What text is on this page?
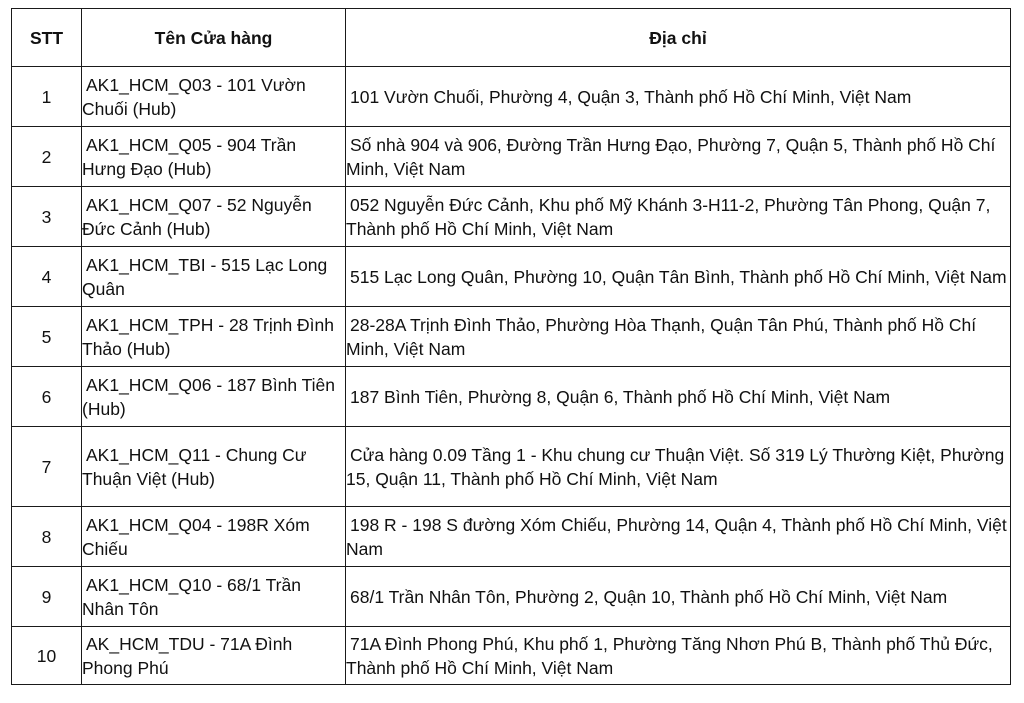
STT	Tên Cửa hàng	Địa chỉ
1	AK1_HCM_Q03 - 101 Vườn Chuối (Hub)	101 Vườn Chuối, Phường 4, Quận 3, Thành phố Hồ Chí Minh, Việt Nam
2	AK1_HCM_Q05 - 904 Trần Hưng Đạo (Hub)	Số nhà 904 và 906, Đường Trần Hưng Đạo, Phường 7, Quận 5, Thành phố Hồ Chí Minh, Việt Nam
3	AK1_HCM_Q07 - 52 Nguyễn Đức Cảnh (Hub)	052 Nguyễn Đức Cảnh, Khu phố Mỹ Khánh 3-H11-2, Phường Tân Phong, Quận 7, Thành phố Hồ Chí Minh, Việt Nam
4	AK1_HCM_TBI - 515 Lạc Long Quân	515 Lạc Long Quân, Phường 10, Quận Tân Bình, Thành phố Hồ Chí Minh, Việt Nam
5	AK1_HCM_TPH - 28 Trịnh Đình Thảo (Hub)	28-28A Trịnh Đình Thảo, Phường Hòa Thạnh, Quận Tân Phú, Thành phố Hồ Chí Minh, Việt Nam
6	AK1_HCM_Q06 - 187 Bình Tiên (Hub)	187 Bình Tiên, Phường 8, Quận 6, Thành phố Hồ Chí Minh, Việt Nam
7	AK1_HCM_Q11 - Chung Cư Thuận Việt (Hub)	Cửa hàng 0.09 Tầng 1 - Khu chung cư Thuận Việt. Số 319 Lý Thường Kiệt, Phường 15, Quận 11, Thành phố Hồ Chí Minh, Việt Nam
8	AK1_HCM_Q04 - 198R Xóm Chiếu	198 R - 198 S đường Xóm Chiếu, Phường 14, Quận 4, Thành phố Hồ Chí Minh, Việt Nam
9	AK1_HCM_Q10 - 68/1 Trần Nhân Tôn	68/1 Trần Nhân Tôn, Phường 2, Quận 10, Thành phố Hồ Chí Minh, Việt Nam
10	AK_HCM_TDU - 71A Đình Phong Phú	71A Đình Phong Phú, Khu phố 1, Phường Tăng Nhơn Phú B, Thành phố Thủ Đức, Thành phố Hồ Chí Minh, Việt Nam
